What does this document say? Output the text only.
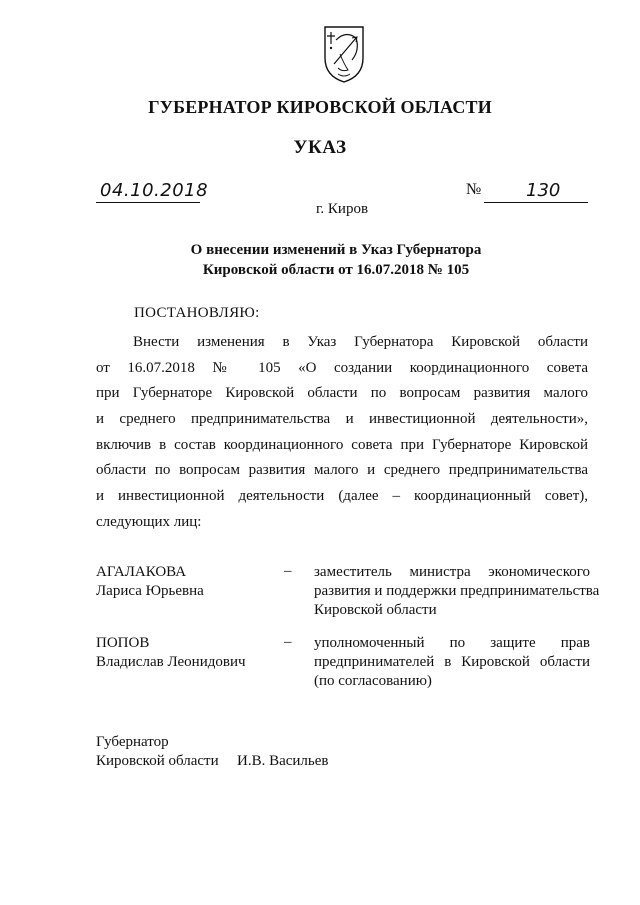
ГУБЕРНАТОР КИРОВСКОЙ ОБЛАСТИ
УКАЗ
04.10.2018	№ 130
г. Киров
О внесении изменений в Указ Губернатора
Кировской области от 16.07.2018 № 105
ПОСТАНОВЛЯЮ:
Внести изменения в Указ Губернатора Кировской области
от 16.07.2018 № 105 «О создании координационного совета
при Губернаторе Кировской области по вопросам развития малого
и среднего предпринимательства и инвестиционной деятельности»,
включив в состав координационного совета при Губернаторе Кировской
области по вопросам развития малого и среднего предпринимательства
и инвестиционной деятельности (далее – координационный совет),
следующих лиц:
АГАЛАКОВА
Лариса Юрьевна
– заместитель министра экономического
развития и поддержки предпринимательства
Кировской области
ПОПОВ
Владислав Леонидович
– уполномоченный по защите прав
предпринимателей в Кировской области
(по согласованию)
Губернатор
Кировской области И.В. Васильев
